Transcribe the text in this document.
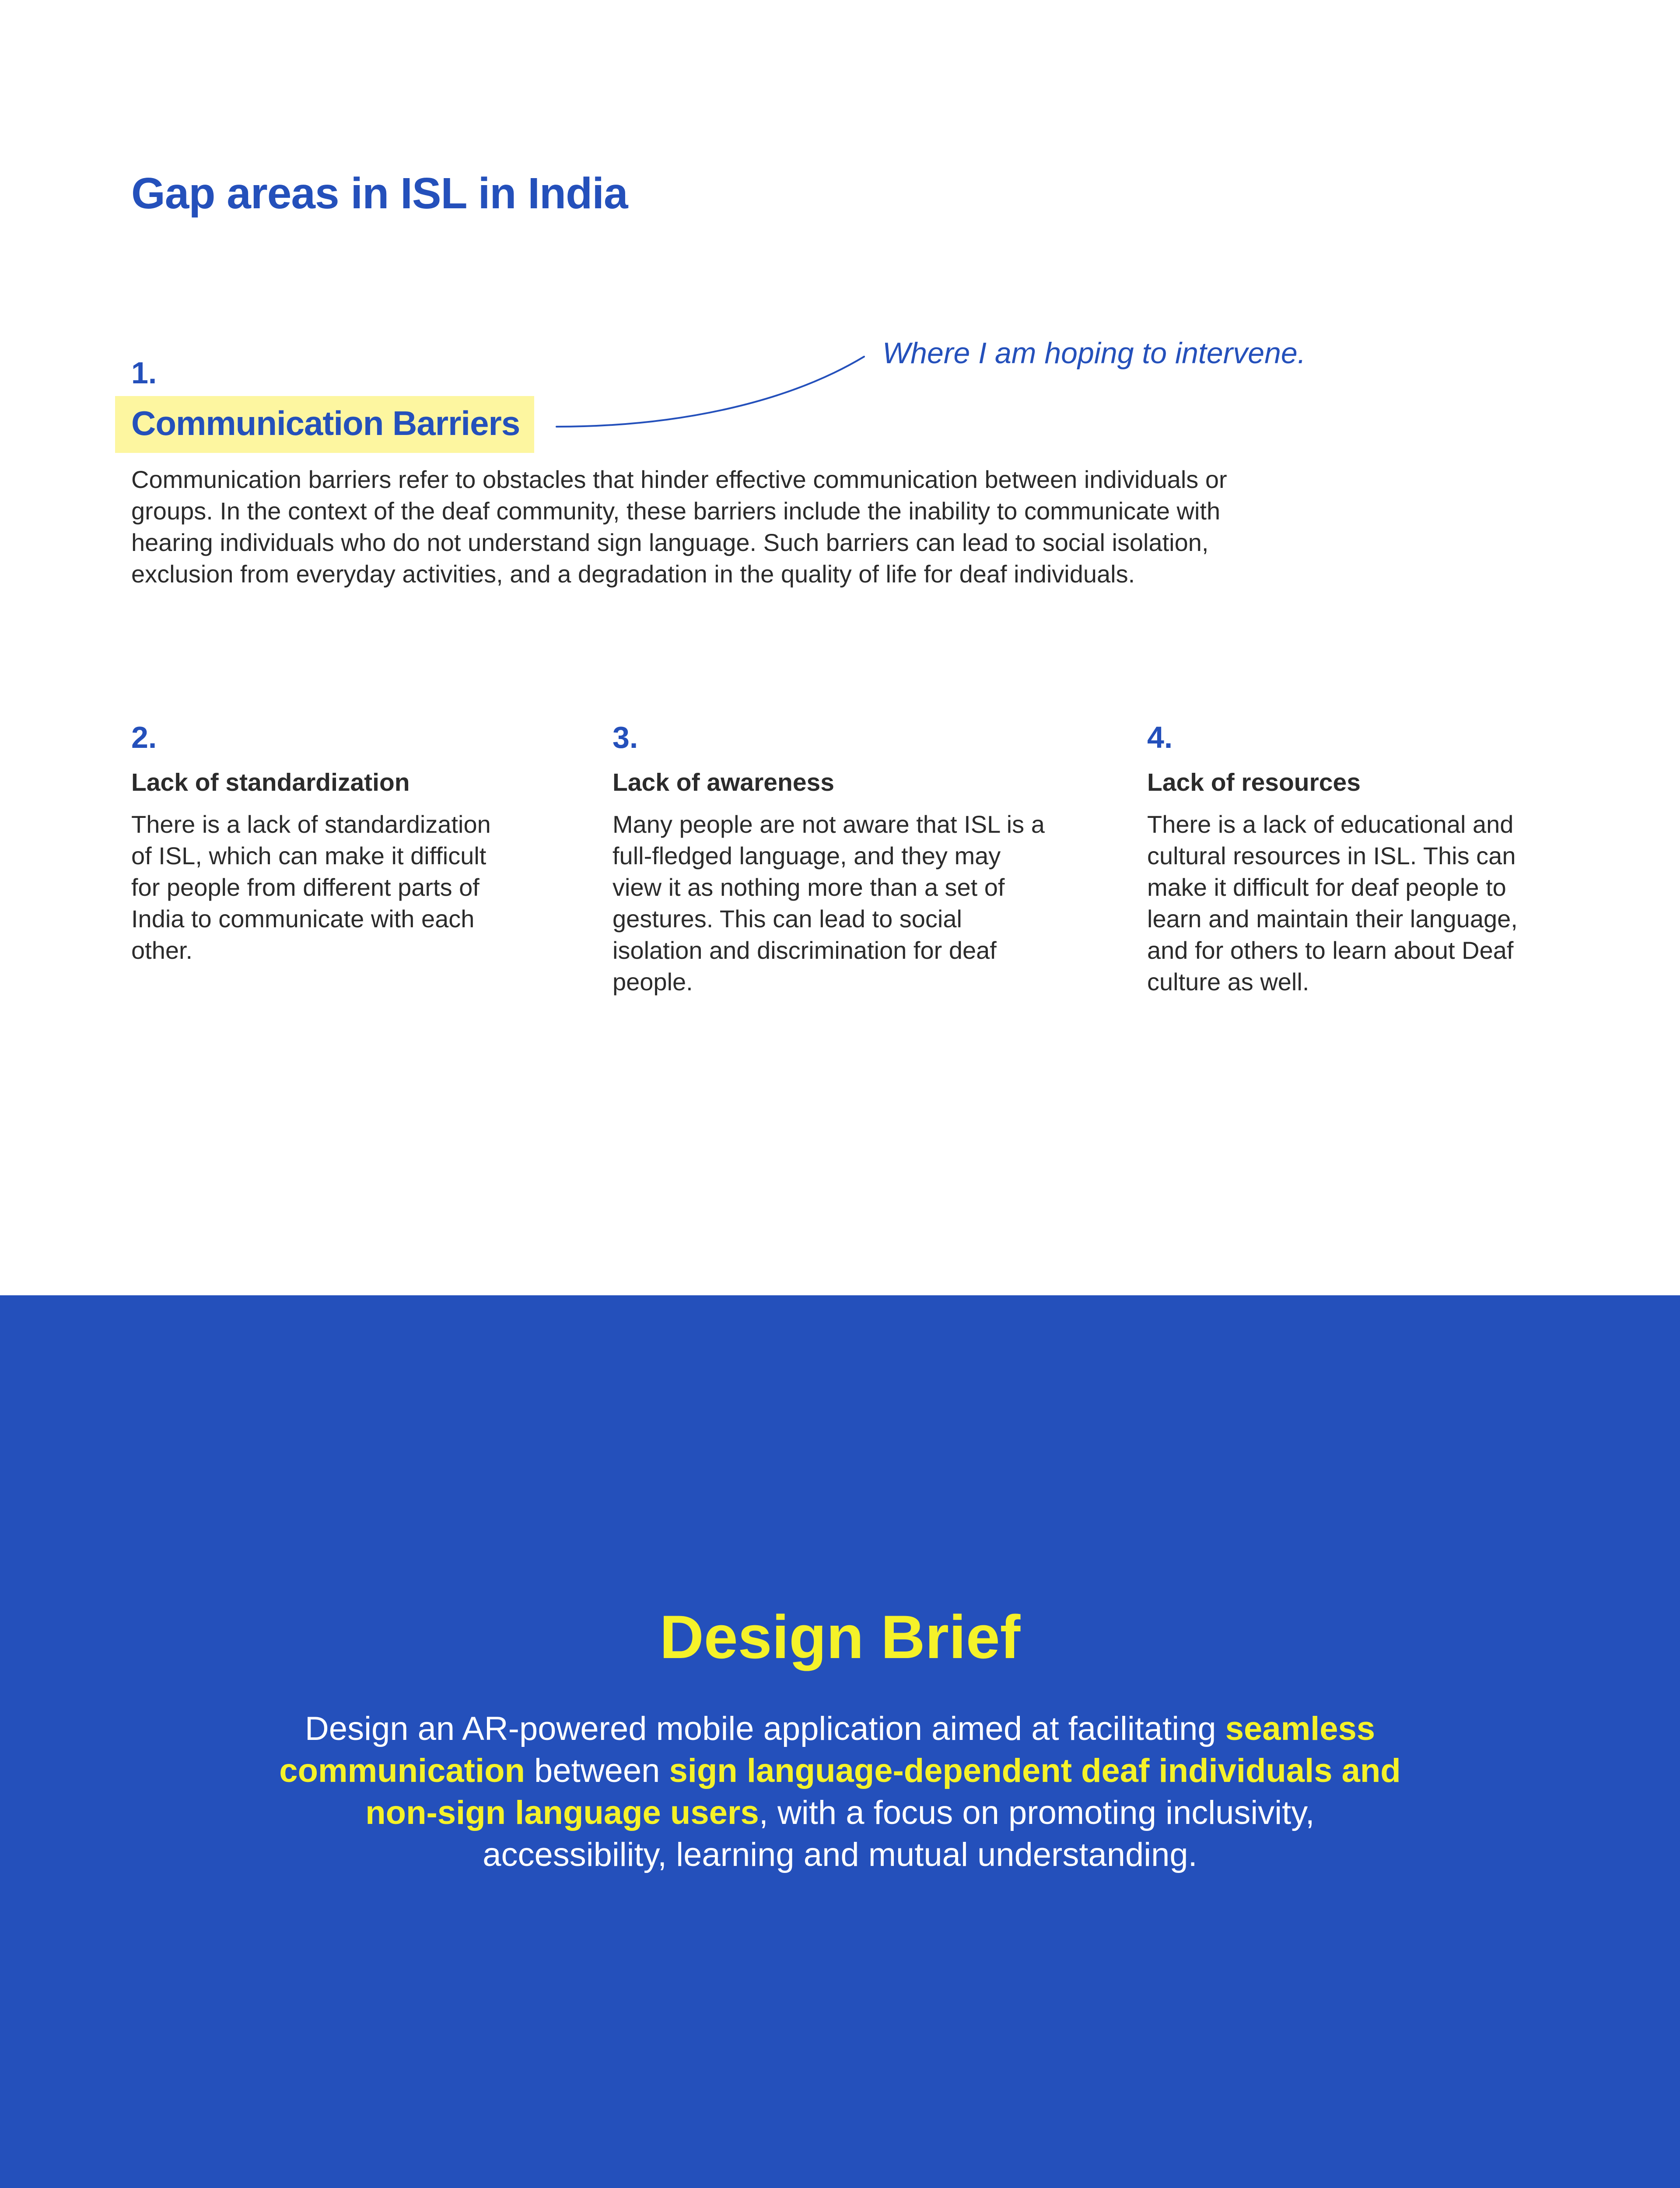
Gap areas in ISL in India
1.
Communication Barriers

Where I am hoping to intervene.

Communication barriers refer to obstacles that hinder effective communication between individuals or groups. In the context of the deaf community, these barriers include the inability to communicate with hearing individuals who do not understand sign language. Such barriers can lead to social isolation, exclusion from everyday activities, and a degradation in the quality of life for deaf individuals.

2.
Lack of standardization

There is a lack of standardization of ISL, which can make it difficult for people from different parts of India to communicate with each other.

3.
Lack of awareness

Many people are not aware that ISL is a full-fledged language, and they may view it as nothing more than a set of gestures. This can lead to social isolation and discrimination for deaf people.

4.
Lack of resources

There is a lack of educational and cultural resources in ISL. This can make it difficult for deaf people to learn and maintain their language, and for others to learn about Deaf culture as well.

Design Brief

Design an AR-powered mobile application aimed at facilitating seamless communication between sign language-dependent deaf individuals and non-sign language users, with a focus on promoting inclusivity, accessibility, learning and mutual understanding.
